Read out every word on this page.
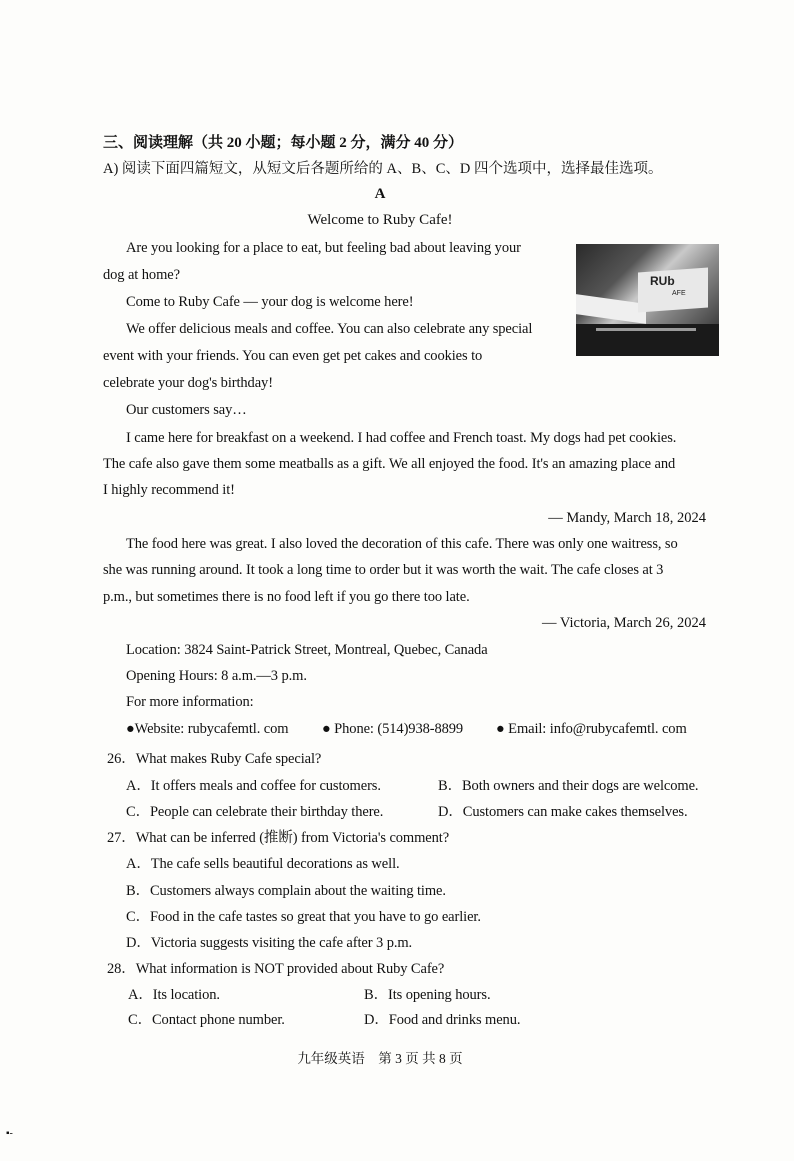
三、阅读理解（共 20 小题；每小题 2 分，满分 40 分）
A) 阅读下面四篇短文，从短文后各题所给的 A、B、C、D 四个选项中，选择最佳选项。
A
Welcome to Ruby Cafe!
RUb
AFE
Are you looking for a place to eat, but feeling bad about leaving your
dog at home?
Come to Ruby Cafe — your dog is welcome here!
We offer delicious meals and coffee. You can also celebrate any special
event with your friends. You can even get pet cakes and cookies to
celebrate your dog's birthday!
Our customers say…
I came here for breakfast on a weekend. I had coffee and French toast. My dogs had pet cookies.
The cafe also gave them some meatballs as a gift. We all enjoyed the food. It's an amazing place and
I highly recommend it!
— Mandy, March 18, 2024
The food here was great. I also loved the decoration of this cafe. There was only one waitress, so
she was running around. It took a long time to order but it was worth the wait. The cafe closes at 3
p.m., but sometimes there is no food left if you go there too late.
— Victoria, March 26, 2024
Location: 3824 Saint-Patrick Street, Montreal, Quebec, Canada
Opening Hours: 8 a.m.—3 p.m.
For more information:
●Website: rubycafemtl. com ● Phone: (514)938-8899 ● Email: info@rubycafemtl. com
26．What makes Ruby Cafe special?
A．It offers meals and coffee for customers.	B．Both owners and their dogs are welcome.
C．People can celebrate their birthday there.	D．Customers can make cakes themselves.
27．What can be inferred (推断) from Victoria's comment?
A．The cafe sells beautiful decorations as well.
B．Customers always complain about the waiting time.
C．Food in the cafe tastes so great that you have to go earlier.
D．Victoria suggests visiting the cafe after 3 p.m.
28．What information is NOT provided about Ruby Cafe?
A．Its location.	B．Its opening hours.
C．Contact phone number.	D．Food and drinks menu.
九年级英语　第 3 页 共 8 页
▪‑
